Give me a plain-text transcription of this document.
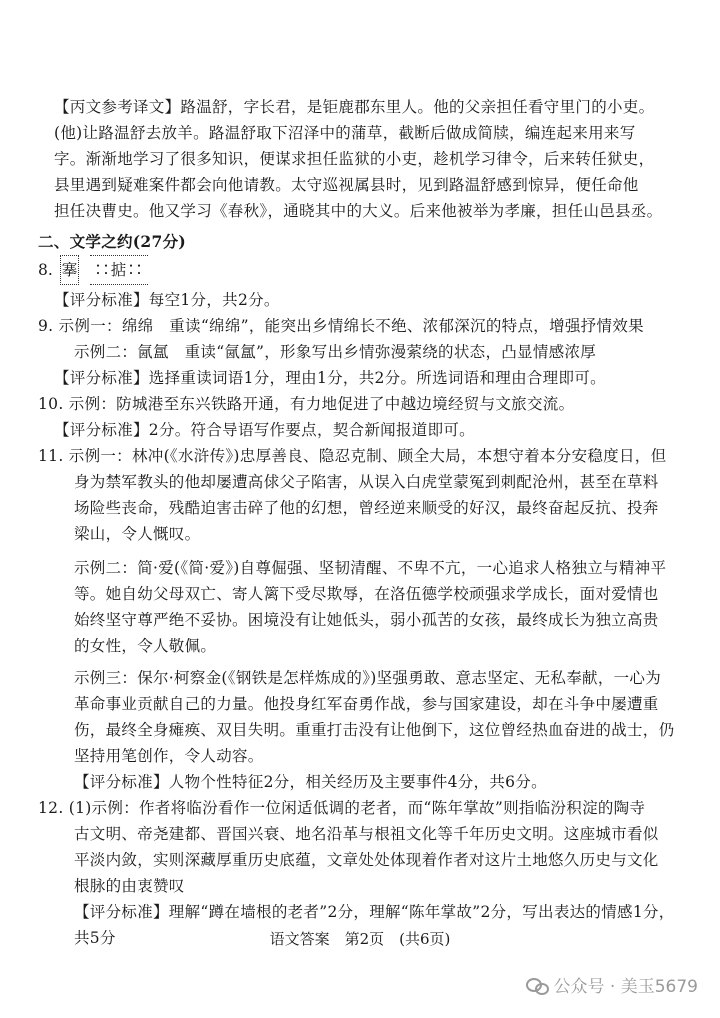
【丙文参考译文】路温舒，字长君，是钜鹿郡东里人。他的父亲担任看守里门的小吏。
(他)让路温舒去放羊。路温舒取下沼泽中的蒲草，截断后做成简牍，编连起来用来写
字。渐渐地学习了很多知识，便谋求担任监狱的小吏，趁机学习律令，后来转任狱史，
县里遇到疑难案件都会向他请教。太守巡视属县时，见到路温舒感到惊异，便任命他
担任决曹史。他又学习《春秋》，通晓其中的大义。后来他被举为孝廉，担任山邑县丞。
二、文学之约(27分)
8. 搴 ∷掂∷
【评分标准】每空1分，共2分。
9. 示例一：绵绵　重读“绵绵”，能突出乡情绵长不绝、浓郁深沉的特点，增强抒情效果
示例二：氤氲　重读“氤氲”，形象写出乡情弥漫萦绕的状态，凸显情感浓厚
【评分标准】选择重读词语1分，理由1分，共2分。所选词语和理由合理即可。
10. 示例：防城港至东兴铁路开通，有力地促进了中越边境经贸与文旅交流。
【评分标准】2分。符合导语写作要点，契合新闻报道即可。
11. 示例一：林冲(《水浒传》)忠厚善良、隐忍克制、顾全大局，本想守着本分安稳度日，但
身为禁军教头的他却屡遭高俅父子陷害，从误入白虎堂蒙冤到刺配沧州，甚至在草料
场险些丧命，残酷迫害击碎了他的幻想，曾经逆来顺受的好汉，最终奋起反抗、投奔
梁山，令人慨叹。
示例二：简·爱(《简·爱》)自尊倔强、坚韧清醒、不卑不亢，一心追求人格独立与精神平
等。她自幼父母双亡、寄人篱下受尽欺辱，在洛伍德学校顽强求学成长，面对爱情也
始终坚守尊严绝不妥协。困境没有让她低头，弱小孤苦的女孩，最终成长为独立高贵
的女性，令人敬佩。
示例三：保尔·柯察金(《钢铁是怎样炼成的》)坚强勇敢、意志坚定、无私奉献，一心为
革命事业贡献自己的力量。他投身红军奋勇作战，参与国家建设，却在斗争中屡遭重
伤，最终全身瘫痪、双目失明。重重打击没有让他倒下，这位曾经热血奋进的战士，仍
坚持用笔创作，令人动容。
【评分标准】人物个性特征2分，相关经历及主要事件4分，共6分。
12. (1)示例：作者将临汾看作一位闲适低调的老者，而“陈年掌故”则指临汾积淀的陶寺
古文明、帝尧建都、晋国兴衰、地名沿革与根祖文化等千年历史文明。这座城市看似
平淡内敛，实则深藏厚重历史底蕴，文章处处体现着作者对这片土地悠久历史与文化
根脉的由衷赞叹
【评分标准】理解“蹲在墙根的老者”2分，理解“陈年掌故”2分，写出表达的情感1分，
共5分	语文答案　第2页　(共6页)
公众号 · 美玉5679
